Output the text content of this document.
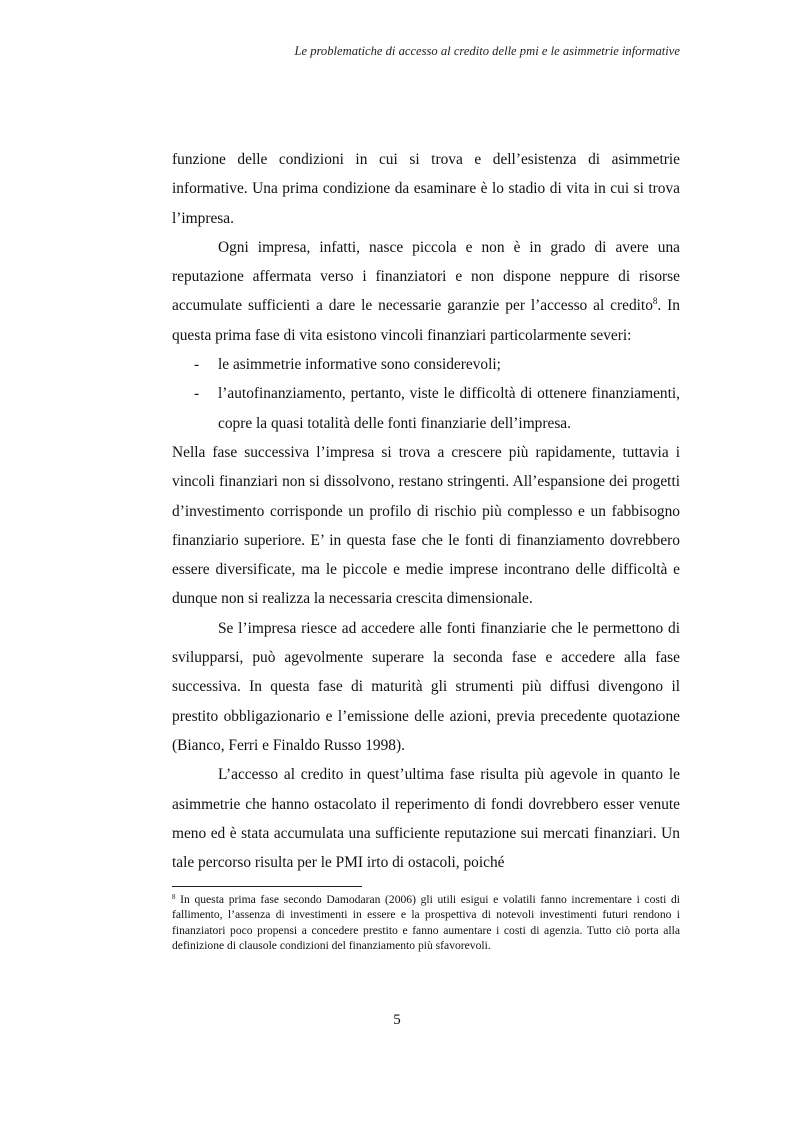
Le problematiche di accesso al credito delle pmi e le asimmetrie informative

funzione delle condizioni in cui si trova e dell’esistenza di asimmetrie informative. Una prima condizione da esaminare è lo stadio di vita in cui si trova l’impresa.

Ogni impresa, infatti, nasce piccola e non è in grado di avere una reputazione affermata verso i finanziatori e non dispone neppure di risorse accumulate sufficienti a dare le necessarie garanzie per l’accesso al credito$^8$. In questa prima fase di vita esistono vincoli finanziari particolarmente severi:

-	le asimmetrie informative sono considerevoli;
-	l’autofinanziamento, pertanto, viste le difficoltà di ottenere finanziamenti, copre la quasi totalità delle fonti finanziarie dell’impresa.

Nella fase successiva l’impresa si trova a crescere più rapidamente, tuttavia i vincoli finanziari non si dissolvono, restano stringenti. All’espansione dei progetti d’investimento corrisponde un profilo di rischio più complesso e un fabbisogno finanziario superiore. E’ in questa fase che le fonti di finanziamento dovrebbero essere diversificate, ma le piccole e medie imprese incontrano delle difficoltà e dunque non si realizza la necessaria crescita dimensionale.

Se l’impresa riesce ad accedere alle fonti finanziarie che le permettono di svilupparsi, può agevolmente superare la seconda fase e accedere alla fase successiva. In questa fase di maturità gli strumenti più diffusi divengono il prestito obbligazionario e l’emissione delle azioni, previa precedente quotazione (Bianco, Ferri e Finaldo Russo 1998).

L’accesso al credito in quest’ultima fase risulta più agevole in quanto le asimmetrie che hanno ostacolato il reperimento di fondi dovrebbero esser venute meno ed è stata accumulata una sufficiente reputazione sui mercati finanziari. Un tale percorso risulta per le PMI irto di ostacoli, poiché

$^8$ In questa prima fase secondo Damodaran (2006) gli utili esigui e volatili fanno incrementare i costi di fallimento, l’assenza di investimenti in essere e la prospettiva di notevoli investimenti futuri rendono i finanziatori poco propensi a concedere prestito e fanno aumentare i costi di agenzia. Tutto ciò porta alla definizione di clausole condizioni del finanziamento più sfavorevoli.

5
